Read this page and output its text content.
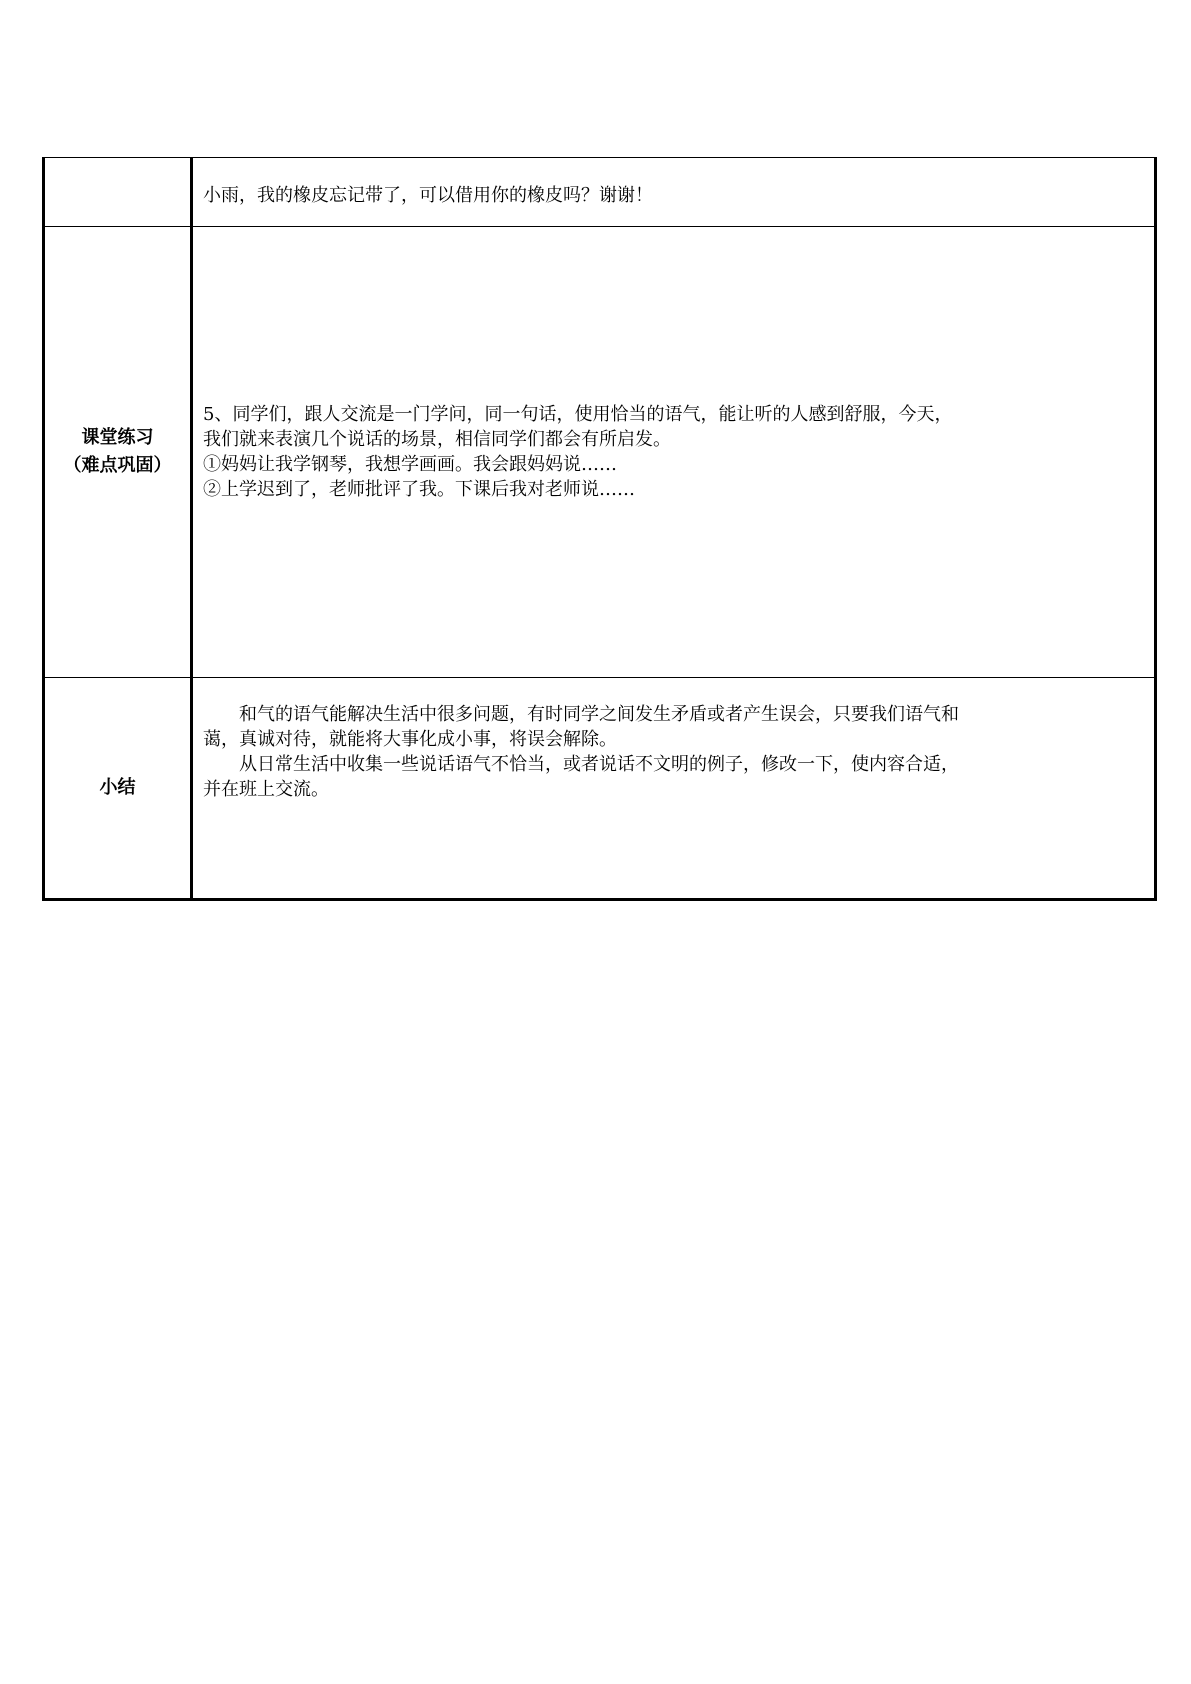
	小雨，我的橡皮忘记带了，可以借用你的橡皮吗？谢谢！

课堂练习
（难点巩固）	5、同学们，跟人交流是一门学问，同一句话，使用恰当的语气，能让听的人感到舒服，今天，
我们就来表演几个说话的场景，相信同学们都会有所启发。
①妈妈让我学钢琴，我想学画画。我会跟妈妈说……
②上学迟到了，老师批评了我。下课后我对老师说……

小结	和气的语气能解决生活中很多问题，有时同学之间发生矛盾或者产生误会，只要我们语气和
蔼，真诚对待，就能将大事化成小事，将误会解除。
从日常生活中收集一些说话语气不恰当，或者说话不文明的例子，修改一下，使内容合适，
并在班上交流。
